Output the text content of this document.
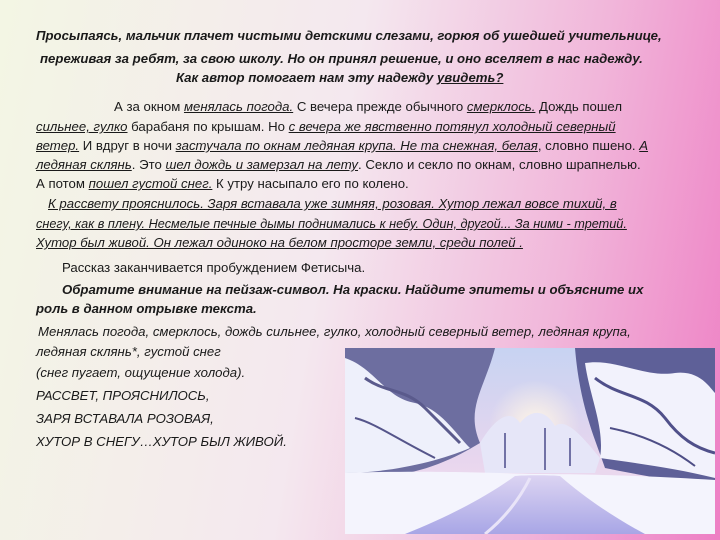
Просыпаясь, мальчик плачет чистыми детскими слезами, горюя об ушедшей учительнице,
переживая за ребят, за свою школу. Но он принял решение, и оно вселяет в нас надежду.
Как автор помогает нам эту надежду увидеть?
А за окном менялась погода. С вечера прежде обычного смерклось. Дождь пошел
сильнее, гулко барабаня по крышам. Но с вечера же явственно потянул холодный северный
ветер. И вдруг в ночи застучала по окнам ледяная крупа. Не та снежная, белая, словно пшено. А
ледяная склянь. Это шел дождь и замерзал на лету. Секло и секло по окнам, словно шрапнелью.
А потом пошел густой снег. К утру насыпало его по колено.
К рассвету прояснилось. Заря вставала уже зимняя, розовая. Хутор лежал вовсе тихий, в
снегу, как в плену. Несмелые печные дымы поднимались к небу. Один, другой... За ними - третий.
Хутор был живой. Он лежал одиноко на белом просторе земли, среди полей .
Рассказ заканчивается пробуждением Фетисыча.
Обратите внимание на пейзаж-символ. На краски. Найдите эпитеты и объясните их
роль в данном отрывке текста.
Менялась погода, смерклось, дождь сильнее, гулко, холодный северный ветер, ледяная крупа,
ледяная склянь*, густой снег
(снег пугает, ощущение холода).
РАССВЕТ, ПРОЯСНИЛОСЬ,
ЗАРЯ ВСТАВАЛА РОЗОВАЯ,
ХУТОР В СНЕГУ…ХУТОР БЫЛ ЖИВОЙ.
